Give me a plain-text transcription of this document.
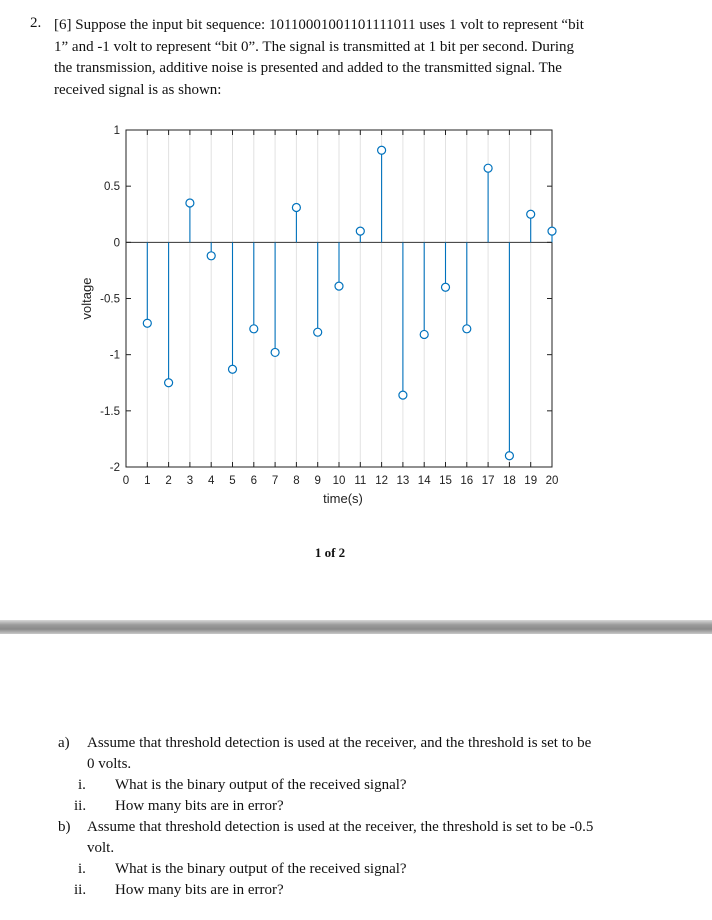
2. [6] Suppose the input bit sequence: 10110001001101111011 uses 1 volt to represent “bit
1” and -1 volt to represent “bit 0”. The signal is transmitted at 1 bit per second. During
the transmission, additive noise is presented and added to the transmitted signal. The
received signal is as shown:
0 1 2 3 4 5 6 7 8 9 10 11 12 13 14 15 16 17 18 19 20
-2
-1.5
-1
-0.5
0
0.5
1
time(s)
voltage
1 of 2
a) Assume that threshold detection is used at the receiver, and the threshold is set to be
0 volts.
i. What is the binary output of the received signal?
ii. How many bits are in error?
b) Assume that threshold detection is used at the receiver, the threshold is set to be -0.5
volt.
i. What is the binary output of the received signal?
ii. How many bits are in error?
